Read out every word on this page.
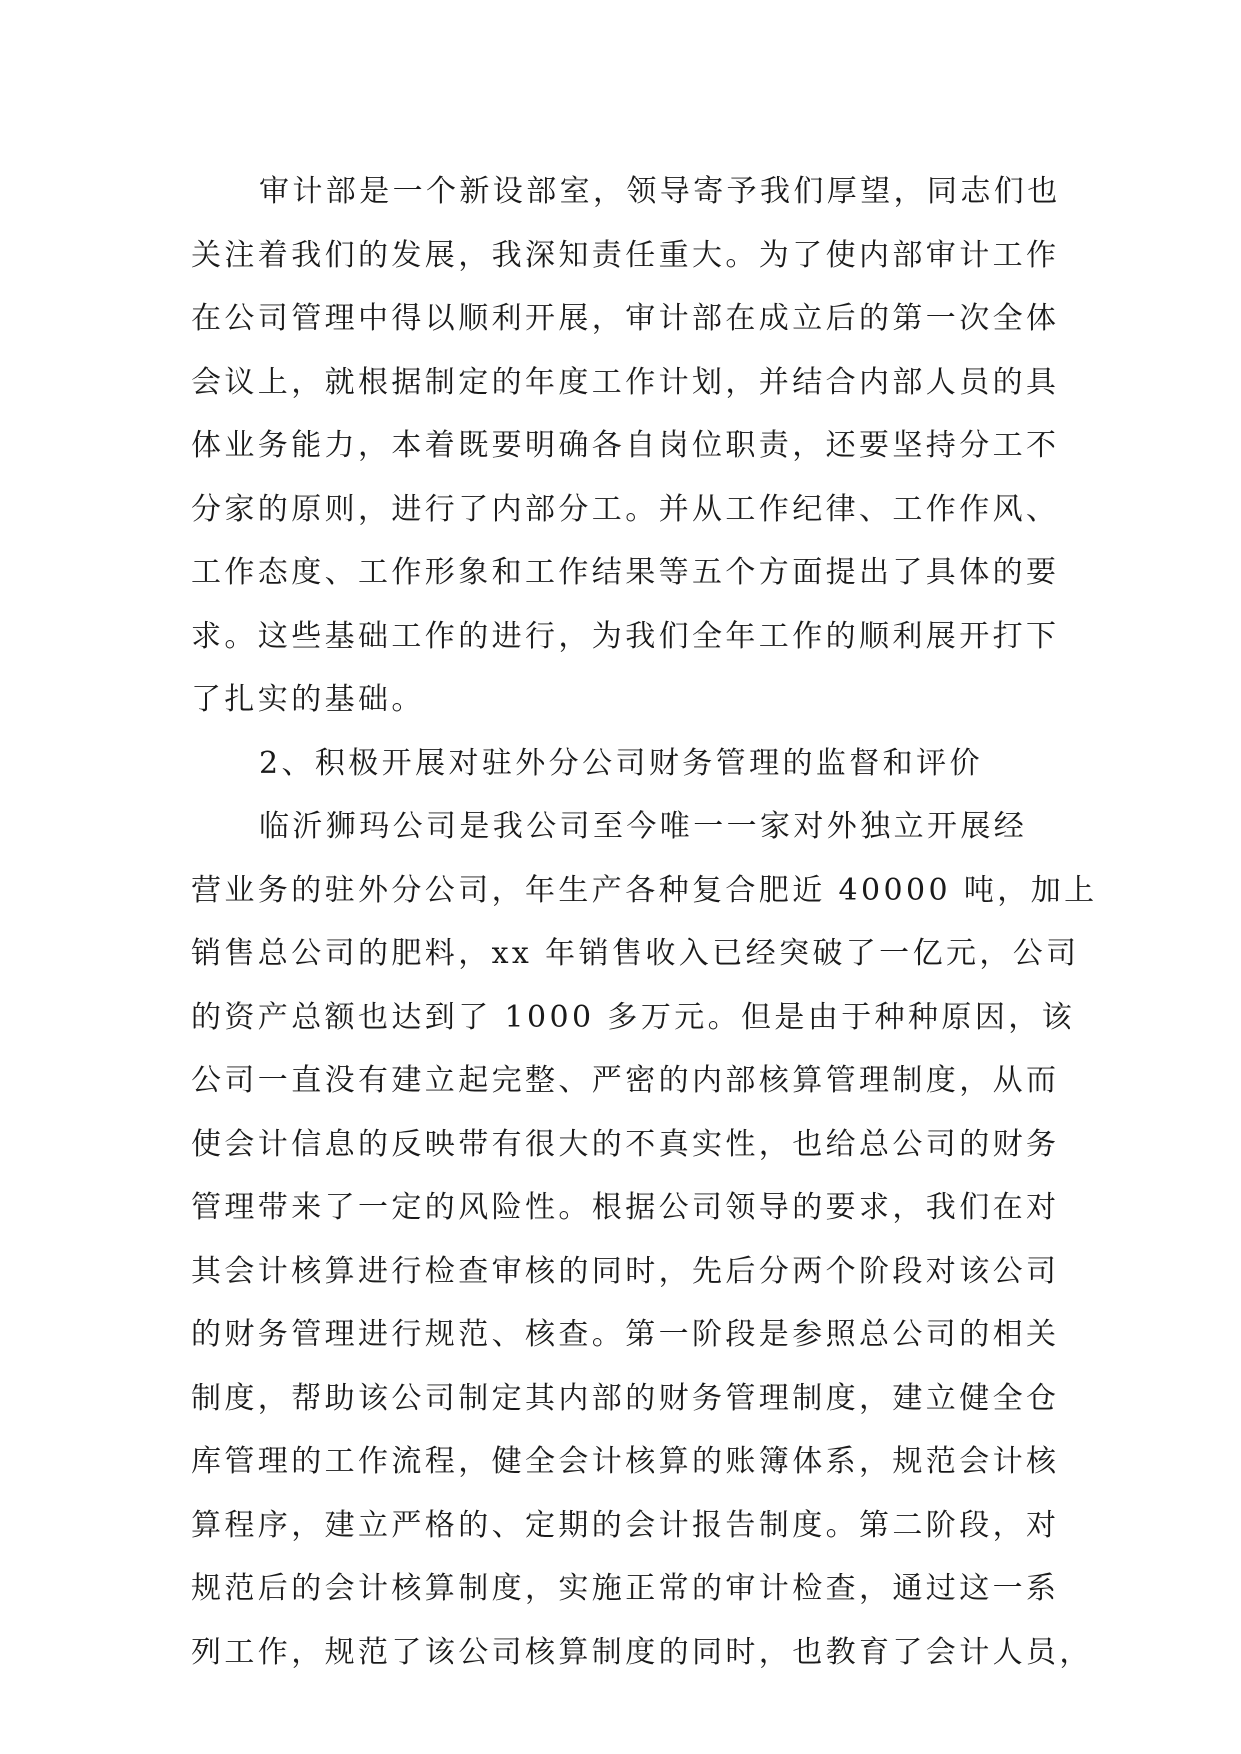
审计部是一个新设部室，领导寄予我们厚望，同志们也
关注着我们的发展，我深知责任重大。为了使内部审计工作
在公司管理中得以顺利开展，审计部在成立后的第一次全体
会议上，就根据制定的年度工作计划，并结合内部人员的具
体业务能力，本着既要明确各自岗位职责，还要坚持分工不
分家的原则，进行了内部分工。并从工作纪律、工作作风、
工作态度、工作形象和工作结果等五个方面提出了具体的要
求。这些基础工作的进行，为我们全年工作的顺利展开打下
了扎实的基础。
2、积极开展对驻外分公司财务管理的监督和评价
临沂狮玛公司是我公司至今唯一一家对外独立开展经
营业务的驻外分公司，年生产各种复合肥近 40000 吨，加上
销售总公司的肥料，xx 年销售收入已经突破了一亿元，公司
的资产总额也达到了 1000 多万元。但是由于种种原因，该
公司一直没有建立起完整、严密的内部核算管理制度，从而
使会计信息的反映带有很大的不真实性，也给总公司的财务
管理带来了一定的风险性。根据公司领导的要求，我们在对
其会计核算进行检查审核的同时，先后分两个阶段对该公司
的财务管理进行规范、核查。第一阶段是参照总公司的相关
制度，帮助该公司制定其内部的财务管理制度，建立健全仓
库管理的工作流程，健全会计核算的账簿体系，规范会计核
算程序，建立严格的、定期的会计报告制度。第二阶段，对
规范后的会计核算制度，实施正常的审计检查，通过这一系
列工作，规范了该公司核算制度的同时，也教育了会计人员，
